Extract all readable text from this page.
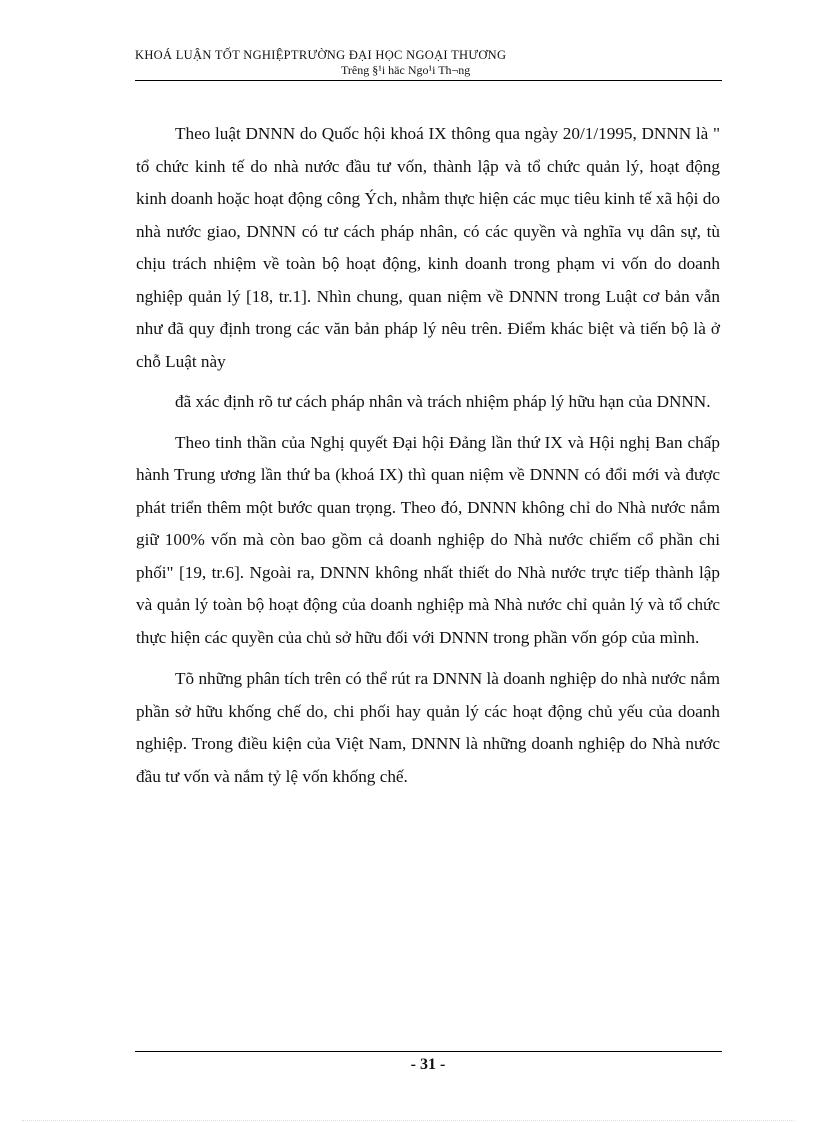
KHOÁ LUẬN TỐT NGHIỆPTRƯỜNG ĐẠI HỌC NGOẠI THƯƠNG
Trêng §¹i häc Ngo¹i Th¬ng

Theo luật DNNN do Quốc hội khoá IX thông qua ngày 20/1/1995, DNNN là " tổ chức kinh tế do nhà nước đầu tư vốn, thành lập và tổ chức quản lý, hoạt động kinh doanh hoặc hoạt động công Ých, nhằm thực hiện các mục tiêu kinh tế xã hội do nhà nước giao, DNNN có tư cách pháp nhân, có các quyền và nghĩa vụ dân sự, tù chịu trách nhiệm về toàn bộ hoạt động, kinh doanh trong phạm vi vốn do doanh nghiệp quản lý [18, tr.1]. Nhìn chung, quan niệm về DNNN trong Luật cơ bản vẫn như đã quy định trong các văn bản pháp lý nêu trên. Điểm khác biệt và tiến bộ là ở chỗ Luật này

đã xác định rõ tư cách pháp nhân và trách nhiệm pháp lý hữu hạn của DNNN.

Theo tinh thần của Nghị quyết Đại hội Đảng lần thứ IX và Hội nghị Ban chấp hành Trung ương lần thứ ba (khoá IX) thì quan niệm về DNNN có đổi mới và được phát triển thêm một bước quan trọng. Theo đó, DNNN không chỉ do Nhà nước nắm giữ 100% vốn mà còn bao gồm cả doanh nghiệp do Nhà nước chiếm cổ phần chi phối" [19, tr.6]. Ngoài ra, DNNN không nhất thiết do Nhà nước trực tiếp thành lập và quản lý toàn bộ hoạt động của doanh nghiệp mà Nhà nước chỉ quản lý và tổ chức thực hiện các quyền của chủ sở hữu đối với DNNN trong phần vốn góp của mình.

Tõ những phân tích trên có thể rút ra DNNN là doanh nghiệp do nhà nước nắm phần sở hữu khống chế do, chi phối hay quản lý các hoạt động chủ yếu của doanh nghiệp. Trong điều kiện của Việt Nam, DNNN là những doanh nghiệp do Nhà nước đầu tư vốn và nắm tỷ lệ vốn khống chế.

- 31 -
